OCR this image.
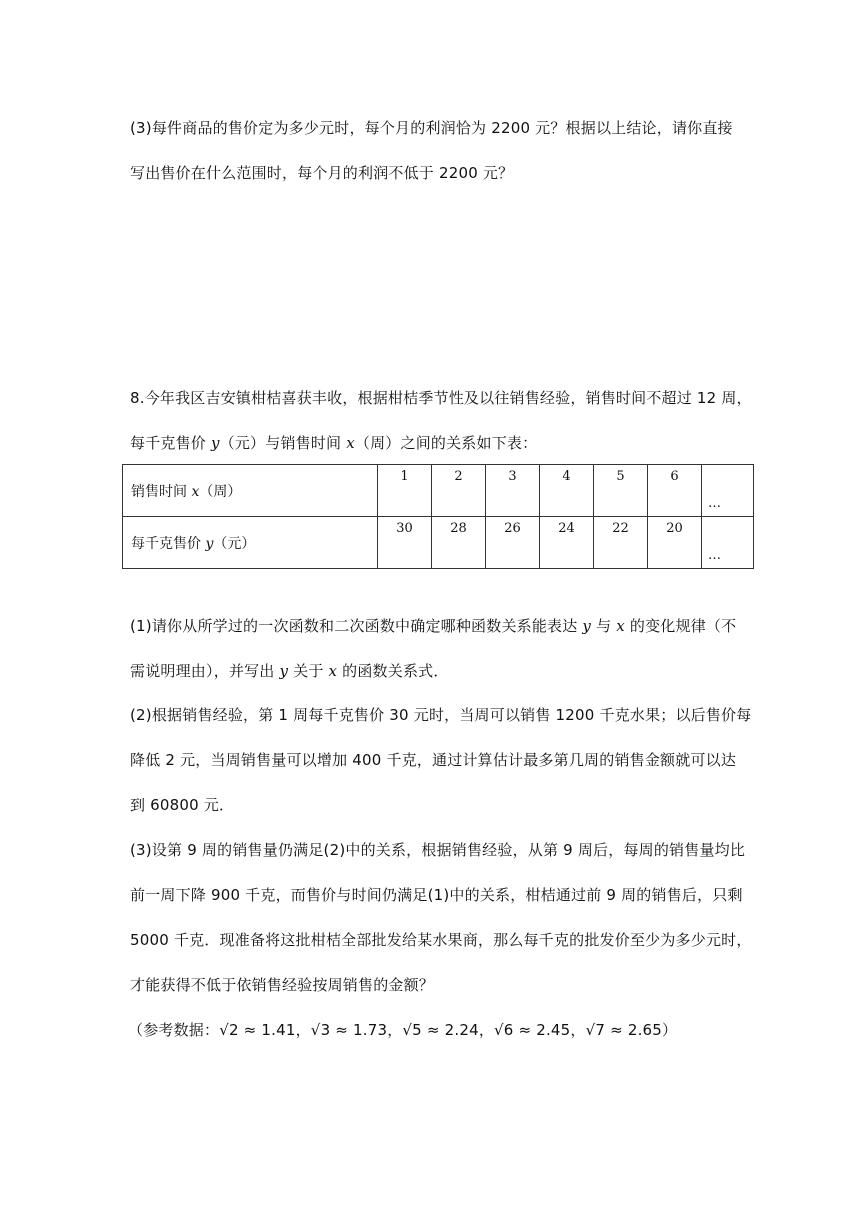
(3)每件商品的售价定为多少元时，每个月的利润恰为 2200 元？根据以上结论，请你直接
写出售价在什么范围时，每个月的利润不低于 2200 元？
8.今年我区吉安镇柑桔喜获丰收，根据柑桔季节性及以往销售经验，销售时间不超过 12 周，
每千克售价 y（元）与销售时间 x（周）之间的关系如下表：
销售时间 x（周）	1	2	3	4	5	6	…
每千克售价 y（元）	30	28	26	24	22	20	…
(1)请你从所学过的一次函数和二次函数中确定哪种函数关系能表达 y 与 x 的变化规律（不
需说明理由），并写出 y 关于 x 的函数关系式．
(2)根据销售经验，第 1 周每千克售价 30 元时，当周可以销售 1200 千克水果；以后售价每
降低 2 元，当周销售量可以增加 400 千克，通过计算估计最多第几周的销售金额就可以达
到 60800 元．
(3)设第 9 周的销售量仍满足(2)中的关系，根据销售经验，从第 9 周后，每周的销售量均比
前一周下降 900 千克，而售价与时间仍满足(1)中的关系，柑桔通过前 9 周的销售后，只剩
5000 千克．现准备将这批柑桔全部批发给某水果商，那么每千克的批发价至少为多少元时，
才能获得不低于依销售经验按周销售的金额？
（参考数据：√2 ≈ 1.41，√3 ≈ 1.73，√5 ≈ 2.24，√6 ≈ 2.45，√7 ≈ 2.65）
